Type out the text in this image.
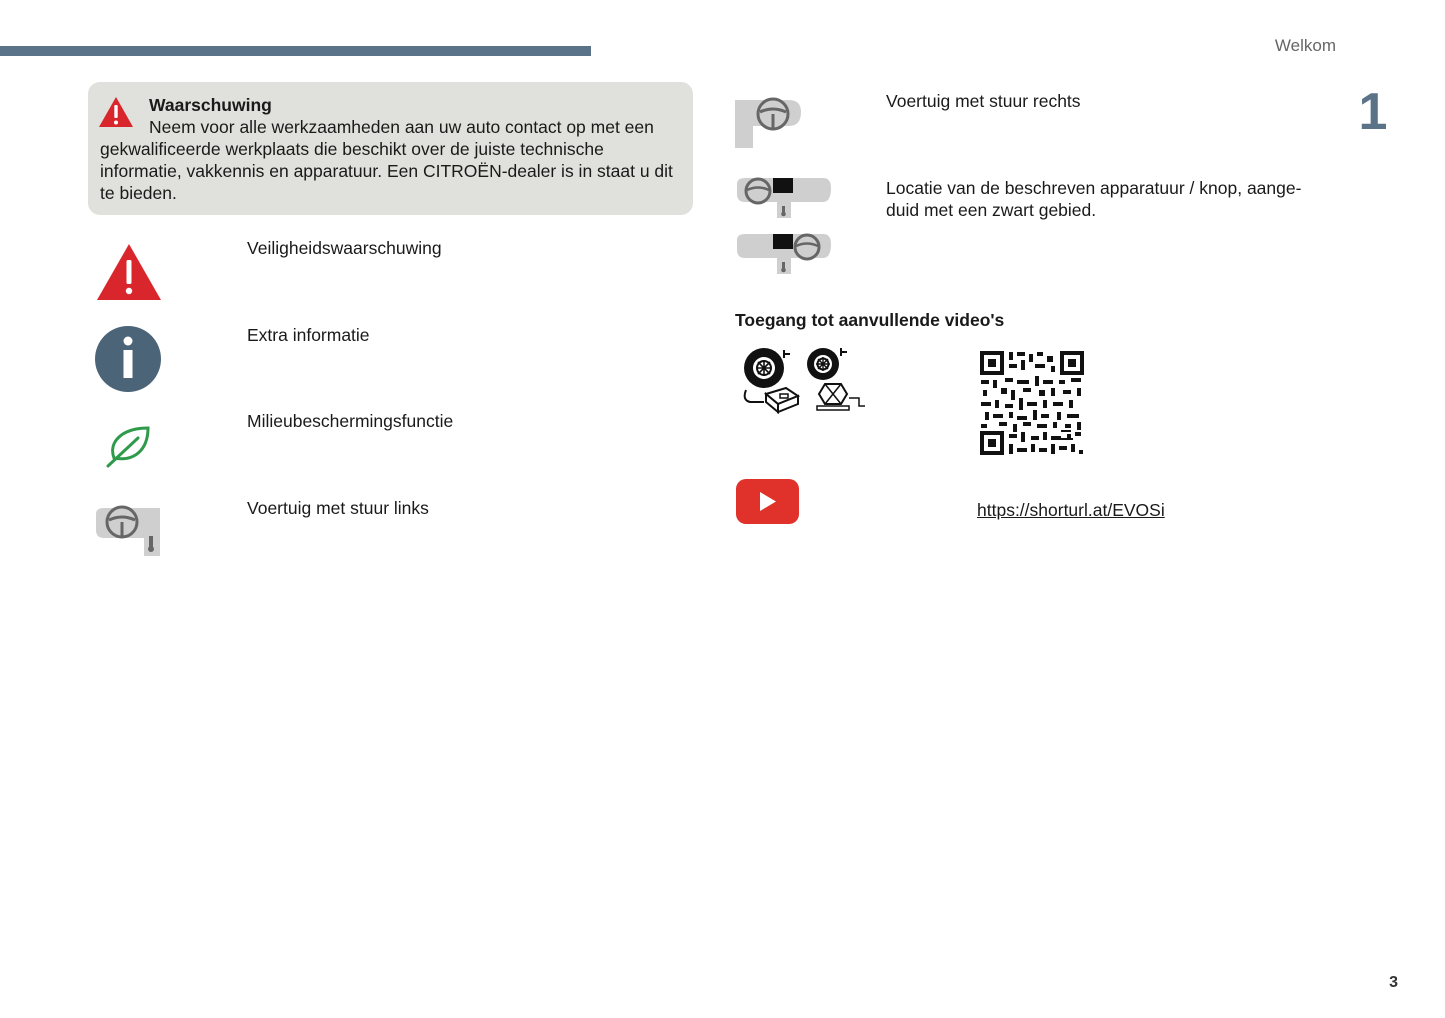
Welkom
1
Waarschuwing
Neem voor alle werkzaamheden aan uw auto contact op met een gekwalificeerde werkplaats die beschikt over de juiste technische informatie, vakkennis en apparatuur. Een CITROËN-dealer is in staat u dit te bieden.
Veiligheidswaarschuwing
Extra informatie
Milieubeschermingsfunctie
Voertuig met stuur links
Voertuig met stuur rechts
Locatie van de beschreven apparatuur / knop, aange-duid met een zwart gebied.
Toegang tot aanvullende video's
https://shorturl.at/EVOSi
3
